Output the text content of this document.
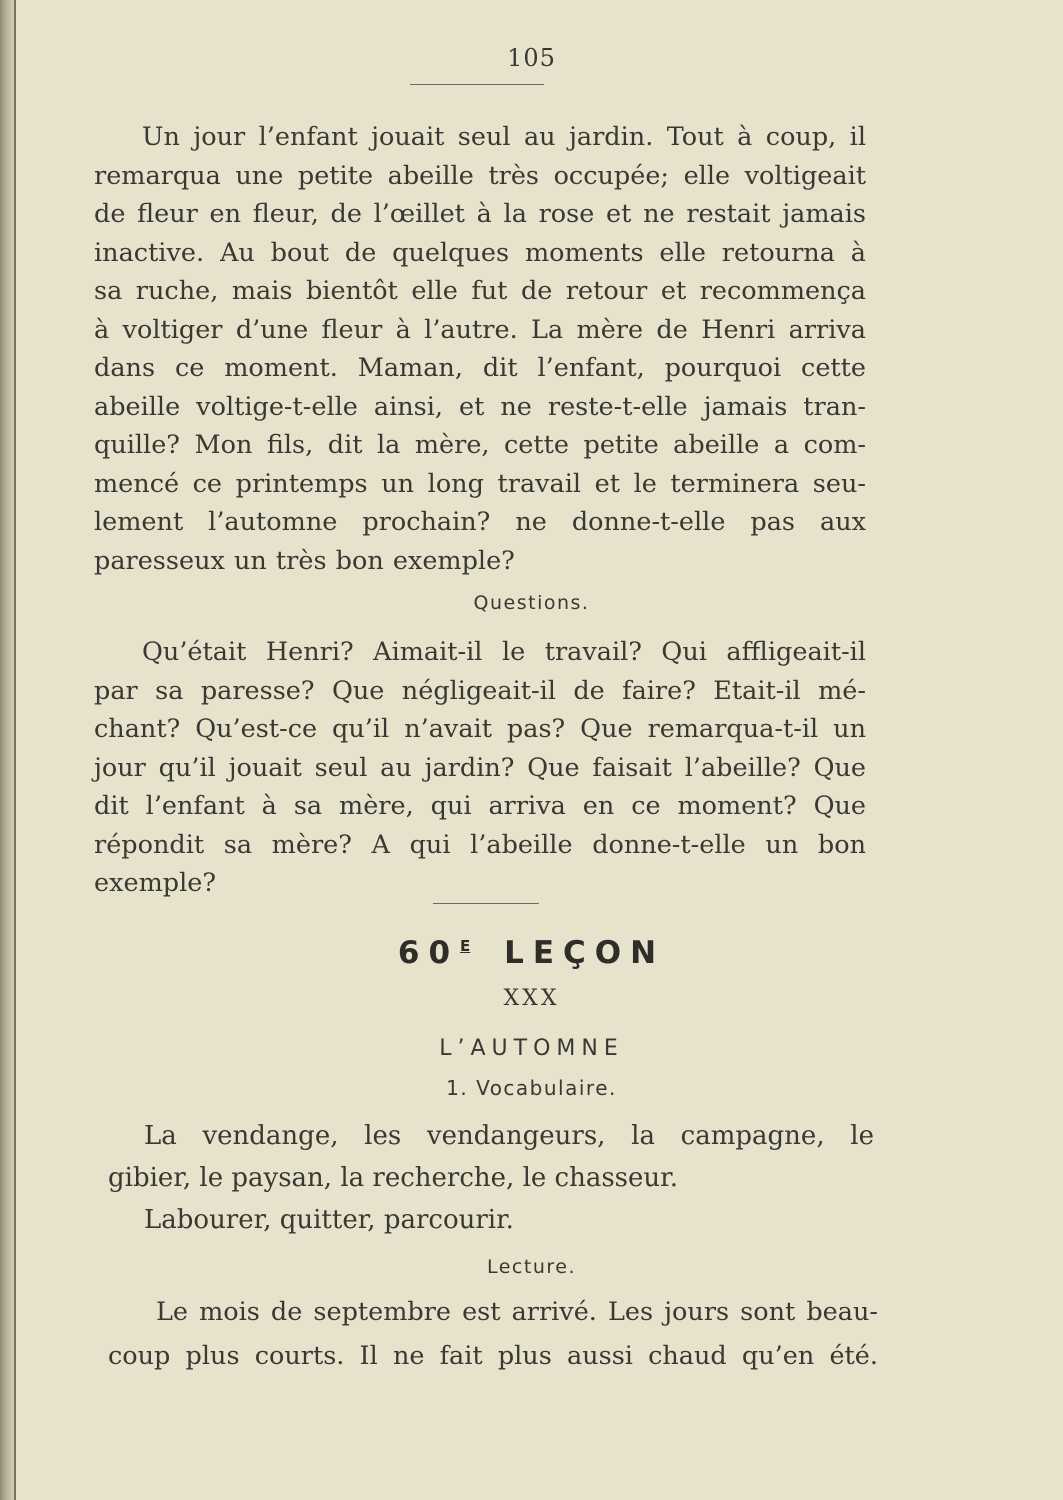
105

Un jour l’enfant jouait seul au jardin. Tout à coup, il

remarqua une petite abeille très occupée; elle voltigeait

de fleur en fleur, de l’œillet à la rose et ne restait jamais

inactive. Au bout de quelques moments elle retourna à

sa ruche, mais bientôt elle fut de retour et recommença

à voltiger d’une fleur à l’autre. La mère de Henri arriva

dans ce moment. Maman, dit l’enfant, pourquoi cette

abeille voltige-t-elle ainsi, et ne reste-t-elle jamais tran-

quille? Mon fils, dit la mère, cette petite abeille a com-

mencé ce printemps un long travail et le terminera seu-

lement l’automne prochain? ne donne-t-elle pas aux

paresseux un très bon exemple?

Questions.

Qu’était Henri? Aimait-il le travail? Qui affligeait-il

par sa paresse? Que négligeait-il de faire? Etait-il mé-

chant? Qu’est-ce qu’il n’avait pas? Que remarqua-t-il un

jour qu’il jouait seul au jardin? Que faisait l’abeille? Que

dit l’enfant à sa mère, qui arriva en ce moment? Que

répondit sa mère? A qui l’abeille donne-t-elle un bon

exemple?

$60^E$ LEÇON
XXX
L’AUTOMNE
1. Vocabulaire.

La vendange, les vendangeurs, la campagne, le

gibier, le paysan, la recherche, le chasseur.

Labourer, quitter, parcourir.

Lecture.

Le mois de septembre est arrivé. Les jours sont beau-

coup plus courts. Il ne fait plus aussi chaud qu’en été.
